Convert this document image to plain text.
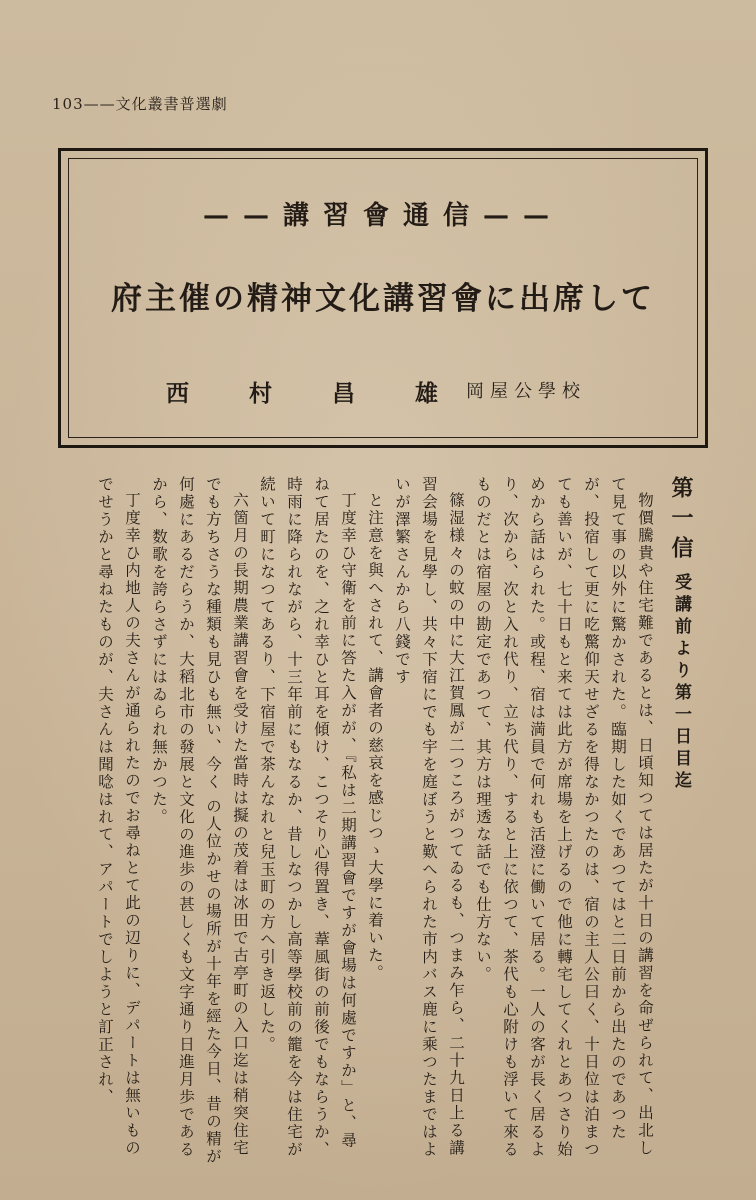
103——文化叢書普選劇
——講習會通信——
府主催の精神文化講習會に出席して
西村昌雄
岡屋公學校
第一信 受講前より第一日目迄
物價騰貴や住宅難であるとは、日頃知つては居たが十日の講習を命ぜられて、出北して見て事の以外に驚かされた。臨期した如くであつてはと二日前から出たのであつたが、投宿して更に吃驚仰天せざるを得なかつたのは、宿の主人公曰く、十日位は泊まつても善いが、七十日もと来ては此方が席場を上げるので他に轉宅してくれとあつさり始めから話はられた。或程、宿は満員で何れも活澄に働いて居る。一人の客が長く居るより、次から、次と入れ代り、立ち代り、すると上に依つて、茶代も心附けも浮いて來るものだとは宿屋の勘定であつて、其方は理透な話でも仕方ない。
篠湿様々の蚊の中に大江賀鳳が二つころがつてゐるも、つまみ乍ら、二十九日上る講習会場を見學し、共々下宿にでも宇を庭ぼうと歎へられた市内バス鹿に乘つたまではよいが澤繁さんから八錢です
と注意を與へされて、講會者の慈哀を感じつゝ大學に着いた。
丁度幸ひ守衛を前に答た入がが、『私は二期講習會ですが會場は何處ですか」と、尋ねて居たのを、之れ幸ひと耳を傾け、こつそり心得置き、葦風街の前後でもならうか、時雨に降られながら、十三年前にもなるか、昔しなつかし高等學校前の籠を今は住宅が続いて町になつてあるり、下宿屋で茶んなれと兒玉町の方へ引き返した。
六箇月の長期農業講習會を受けた當時は擬の茂着は冰田で古亭町の入口迄は稍突住宅でも方ちさうな種類も見ひも無い、今く の人位かせの場所が十年を經た今日、昔の精が何處にあるだらうか、大稻北市の發展と文化の進歩の甚しくも文字通り日進月歩であるから、数歌を誇らさずにはゐられ無かつた。
丁度幸ひ内地人の夫さんが通られたのでお尋ねとて此の辺りに、デパートは無いものでせうかと尋ねたものが、夫さんは聞唸はれて、アパートでしようと訂正され、
